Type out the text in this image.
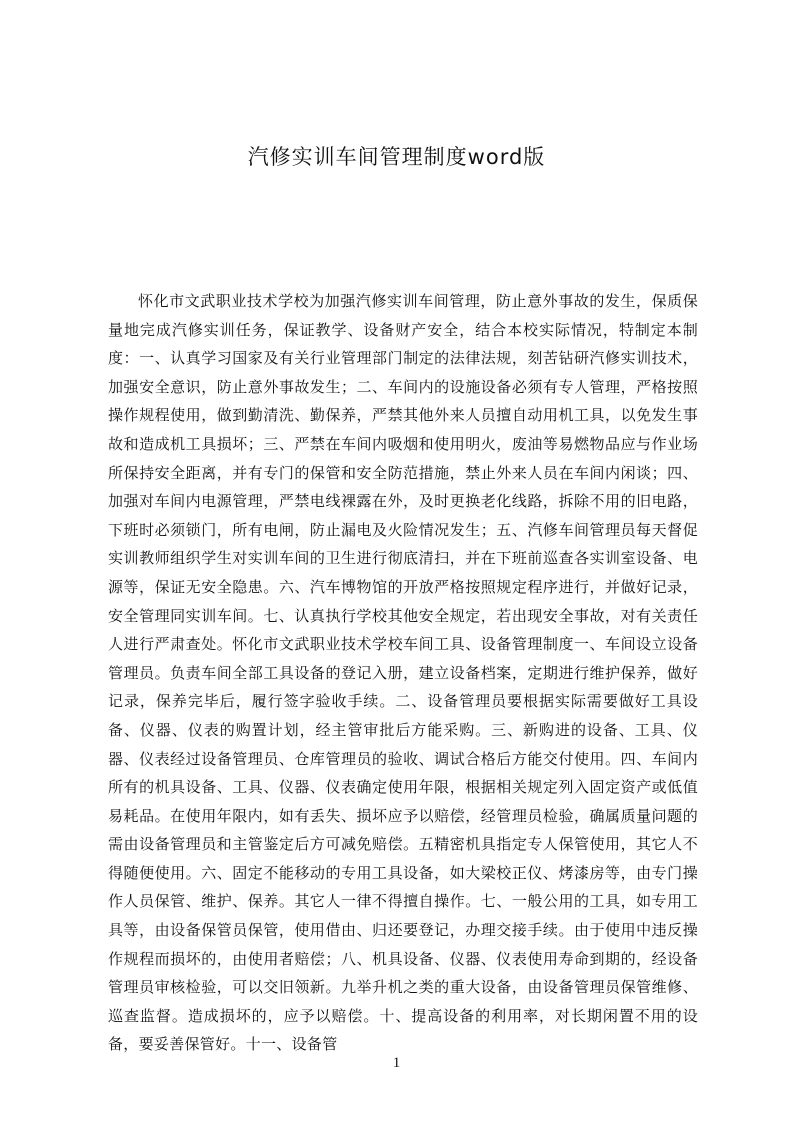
汽修实训车间管理制度word版

怀化市文武职业技术学校为加强汽修实训车间管理，防止意外事故的发生，保质保量地完成汽修实训任务，保证教学、设备财产安全，结合本校实际情况，特制定本制度：一、认真学习国家及有关行业管理部门制定的法律法规，刻苦钻研汽修实训技术，加强安全意识，防止意外事故发生；二、车间内的设施设备必须有专人管理，严格按照操作规程使用，做到勤清洗、勤保养，严禁其他外来人员擅自动用机工具，以免发生事故和造成机工具损坏；三、严禁在车间内吸烟和使用明火，废油等易燃物品应与作业场所保持安全距离，并有专门的保管和安全防范措施，禁止外来人员在车间内闲谈；四、加强对车间内电源管理，严禁电线裸露在外，及时更换老化线路，拆除不用的旧电路，下班时必须锁门，所有电闸，防止漏电及火险情况发生；五、汽修车间管理员每天督促实训教师组织学生对实训车间的卫生进行彻底清扫，并在下班前巡查各实训室设备、电源等，保证无安全隐患。六、汽车博物馆的开放严格按照规定程序进行，并做好记录，安全管理同实训车间。七、认真执行学校其他安全规定，若出现安全事故，对有关责任人进行严肃查处。怀化市文武职业技术学校车间工具、设备管理制度一、车间设立设备管理员。负责车间全部工具设备的登记入册，建立设备档案，定期进行维护保养，做好记录，保养完毕后，履行签字验收手续。二、设备管理员要根据实际需要做好工具设备、仪器、仪表的购置计划，经主管审批后方能采购。三、新购进的设备、工具、仪器、仪表经过设备管理员、仓库管理员的验收、调试合格后方能交付使用。四、车间内所有的机具设备、工具、仪器、仪表确定使用年限，根据相关规定列入固定资产或低值易耗品。在使用年限内，如有丢失、损坏应予以赔偿，经管理员检验，确属质量问题的需由设备管理员和主管鉴定后方可减免赔偿。五精密机具指定专人保管使用，其它人不得随便使用。六、固定不能移动的专用工具设备，如大梁校正仪、烤漆房等，由专门操作人员保管、维护、保养。其它人一律不得擅自操作。七、一般公用的工具，如专用工具等，由设备保管员保管，使用借由、归还要登记，办理交接手续。由于使用中违反操作规程而损坏的，由使用者赔偿；八、机具设备、仪器、仪表使用寿命到期的，经设备管理员审核检验，可以交旧领新。九举升机之类的重大设备，由设备管理员保管维修、巡查监督。造成损坏的，应予以赔偿。十、提高设备的利用率，对长期闲置不用的设备，要妥善保管好。十一、设备管

1
